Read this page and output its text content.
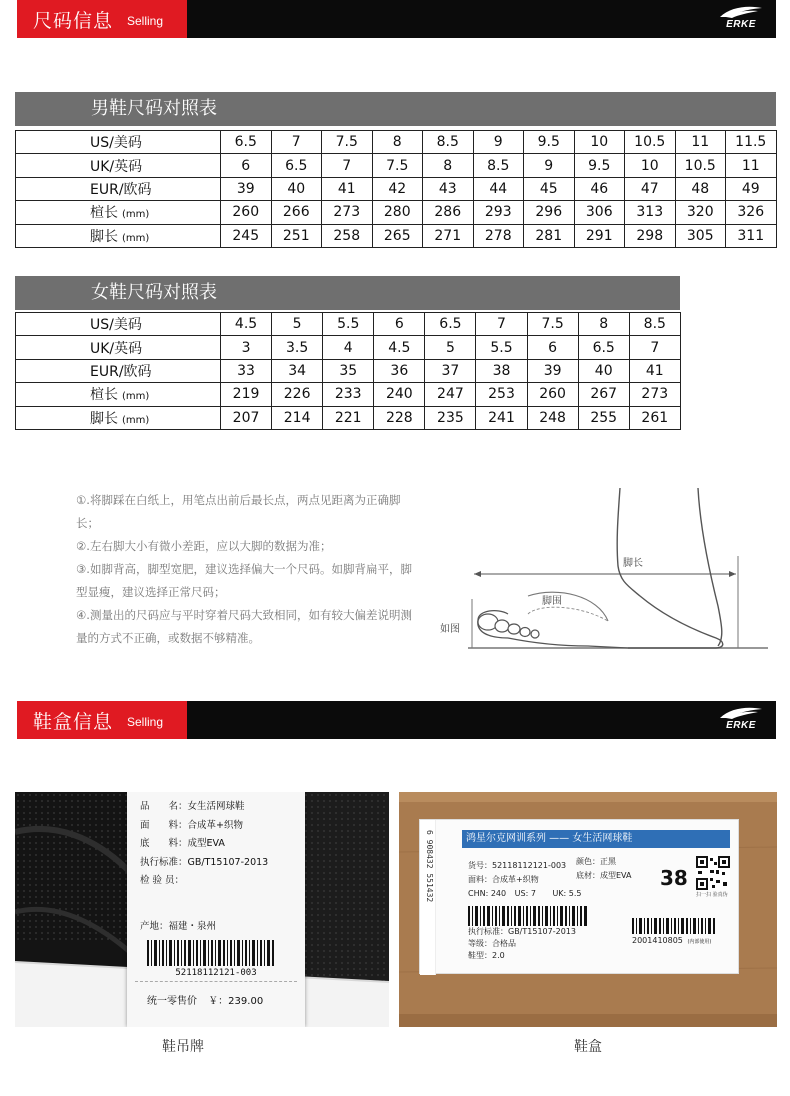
尺码信息 Selling	ERKE
男鞋尺码对照表
US/美码	6.5	7	7.5	8	8.5	9	9.5	10	10.5	11	11.5
UK/英码	6	6.5	7	7.5	8	8.5	9	9.5	10	10.5	11
EUR/欧码	39	40	41	42	43	44	45	46	47	48	49
楦长 (mm)	260	266	273	280	286	293	296	306	313	320	326
脚长 (mm)	245	251	258	265	271	278	281	291	298	305	311
女鞋尺码对照表
US/美码	4.5	5	5.5	6	6.5	7	7.5	8	8.5
UK/英码	3	3.5	4	4.5	5	5.5	6	6.5	7
EUR/欧码	33	34	35	36	37	38	39	40	41
楦长 (mm)	219	226	233	240	247	253	260	267	273
脚长 (mm)	207	214	221	228	235	241	248	255	261

①.将脚踩在白纸上，用笔点出前后最长点，两点见距离为正确脚长；

②.左右脚大小有微小差距，应以大脚的数据为准；

③.如脚背高，脚型宽肥，建议选择偏大一个尺码。如脚背扁平，脚型显瘦，建议选择正常尺码；

④.测量出的尺码应与平时穿着尺码大致相同，如有较大偏差说明测量的方式不正确，或数据不够精准。

脚长
脚围
如图
鞋盒信息 Selling	ERKE
品　　名：女生活网球鞋
面　　料：合成革+织物
底　　料：成型EVA
执行标准：GB/T15107-2013
检 验 员：
产地：福建・泉州
52118112121-003
统一零售价 ￥：239.00
鞋吊牌
6 908432 551432	鸿星尔克网训系列 —— 女生活网球鞋
货号：52118112121-003
面料：合成革+织物
CHN: 240 US: 7 UK: 5.5
颜色：正黑
底材：成型EVA 38
扫一扫 验真伪
执行标准：GB/T15107-2013
等级：合格品
鞋型：2.0
2001410805 (内部使用)
鞋盒
